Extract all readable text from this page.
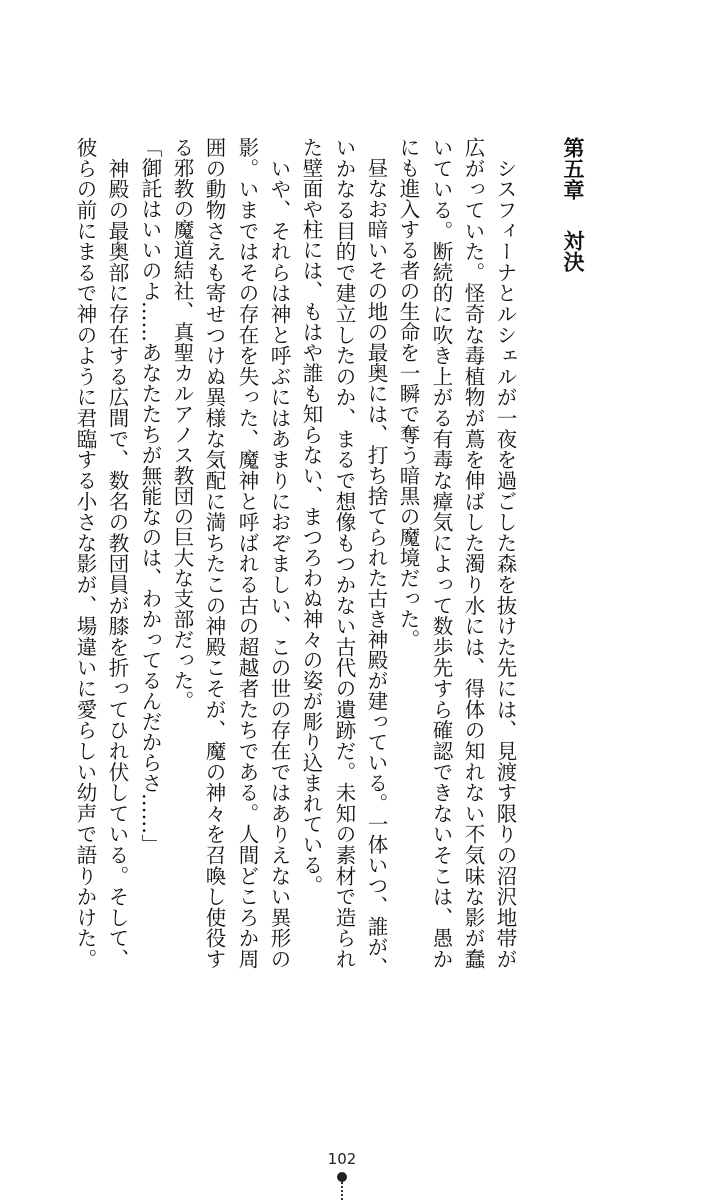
第五章対決
　シスフィーナとルシェルが一夜を過ごした森を抜けた先には、見渡す限りの沼沢地帯が
広がっていた。怪奇な毒植物が蔦を伸ばした濁り水には、得体の知れない不気味な影が蠢
いている。断続的に吹き上がる有毒な瘴気によって数歩先すら確認できないそこは、愚か
にも進入する者の生命を一瞬で奪う暗黒の魔境だった。
　昼なお暗いその地の最奥には、打ち捨てられた古き神殿が建っている。一体いつ、誰が、
いかなる目的で建立したのか、まるで想像もつかない古代の遺跡だ。未知の素材で造られ
た壁面や柱には、もはや誰も知らない、まつろわぬ神々の姿が彫り込まれている。
　いや、それらは神と呼ぶにはあまりにおぞましい、この世の存在ではありえない異形の
影。いまではその存在を失った、魔神と呼ばれる古の超越者たちである。人間どころか周
囲の動物さえも寄せつけぬ異様な気配に満ちたこの神殿こそが、魔の神々を召喚し使役す
る邪教の魔道結社、真聖カルアノス教団の巨大な支部だった。
「御託はいいのよ……あなたたちが無能なのは、わかってるんだからさ……」
　神殿の最奥部に存在する広間で、数名の教団員が膝を折ってひれ伏している。そして、
彼らの前にまるで神のように君臨する小さな影が、場違いに愛らしい幼声で語りかけた。
102
